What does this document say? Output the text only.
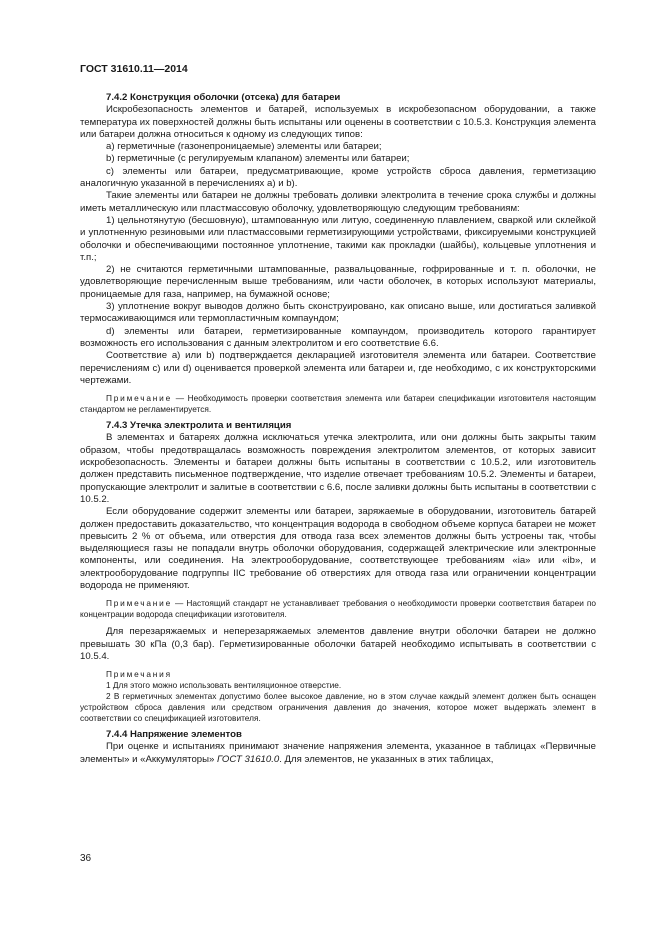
ГОСТ 31610.11—2014

7.4.2 Конструкция оболочки (отсека) для батареи

Искробезопасность элементов и батарей, используемых в искробезопасном оборудовании, а также температура их поверхностей должны быть испытаны или оценены в соответствии с 10.5.3. Конструкция элемента или батареи должна относиться к одному из следующих типов:

a) герметичные (газонепроницаемые) элементы или батареи;

b) герметичные (с регулируемым клапаном) элементы или батареи;

c) элементы или батареи, предусматривающие, кроме устройств сброса давления, герметизацию аналогичную указанной в перечислениях a) и b).

Такие элементы или батареи не должны требовать доливки электролита в течение срока службы и должны иметь металлическую или пластмассовую оболочку, удовлетворяющую следующим требованиям:

1) цельнотянутую (бесшовную), штампованную или литую, соединенную плавлением, сваркой или склейкой и уплотненную резиновыми или пластмассовыми герметизирующими устройствами, фиксируемыми конструкцией оболочки и обеспечивающими постоянное уплотнение, такими как прокладки (шайбы), кольцевые уплотнения и т.п.;

2) не считаются герметичными штампованные, развальцованные, гофрированные и т. п. оболочки, не удовлетворяющие перечисленным выше требованиям, или части оболочек, в которых используют материалы, проницаемые для газа, например, на бумажной основе;

3) уплотнение вокруг выводов должно быть сконструировано, как описано выше, или достигаться заливкой термосаживающимся или термопластичным компаундом;

d) элементы или батареи, герметизированные компаундом, производитель которого гарантирует возможность его использования с данным электролитом и его соответствие 6.6.

Соответствие a) или b) подтверждается декларацией изготовителя элемента или батареи. Соответствие перечислениям c) или d) оценивается проверкой элемента или батареи и, где необходимо, с их конструкторскими чертежами.

Примечание — Необходимость проверки соответствия элемента или батареи спецификации изготовителя настоящим стандартом не регламентируется.

7.4.3 Утечка электролита и вентиляция

В элементах и батареях должна исключаться утечка электролита, или они должны быть закрыты таким образом, чтобы предотвращалась возможность повреждения электролитом элементов, от которых зависит искробезопасность. Элементы и батареи должны быть испытаны в соответствии с 10.5.2, или изготовитель должен представить письменное подтверждение, что изделие отвечает требованиям 10.5.2. Элементы и батареи, пропускающие электролит и залитые в соответствии с 6.6, после заливки должны быть испытаны в соответствии с 10.5.2.

Если оборудование содержит элементы или батареи, заряжаемые в оборудовании, изготовитель батарей должен предоставить доказательство, что концентрация водорода в свободном объеме корпуса батареи не может превысить 2 % от объема, или отверстия для отвода газа всех элементов должны быть устроены так, чтобы выделяющиеся газы не попадали внутрь оболочки оборудования, содержащей электрические или электронные компоненты, или соединения. На электрооборудование, соответствующее требованиям «ia» или «ib», и электрооборудование подгруппы IIC требование об отверстиях для отвода газа или ограничении концентрации водорода не применяют.

Примечание — Настоящий стандарт не устанавливает требования о необходимости проверки соответствия батареи по концентрации водорода спецификации изготовителя.

Для перезаряжаемых и неперезаряжаемых элементов давление внутри оболочки батареи не должно превышать 30 кПа (0,3 бар). Герметизированные оболочки батарей необходимо испытывать в соответствии с 10.5.4.

Примечания

1 Для этого можно использовать вентиляционное отверстие.

2 В герметичных элементах допустимо более высокое давление, но в этом случае каждый элемент должен быть оснащен устройством сброса давления или средством ограничения давления до значения, которое может выдержать элемент в соответствии со спецификацией изготовителя.

7.4.4 Напряжение элементов

При оценке и испытаниях принимают значение напряжения элемента, указанное в таблицах «Первичные элементы» и «Аккумуляторы» ГОСТ 31610.0. Для элементов, не указанных в этих таблицах,

36
